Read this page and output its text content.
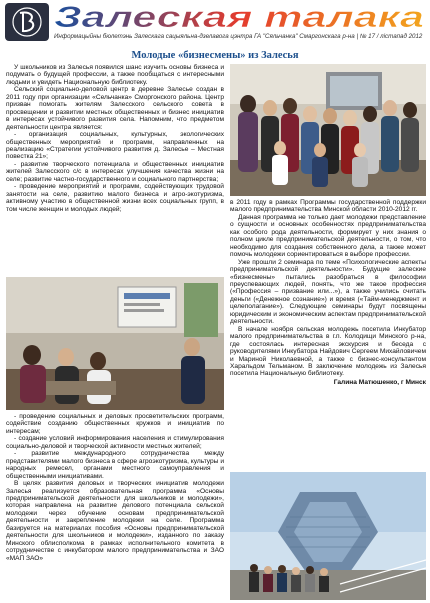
Залеская талака
Информацыйны бюлетэнь Залескага сацыяльна-дзелавога цэнтра ГА "Сяльчанка" Смаргонскага р-на | № 17 / лістапад 2012
Молодые «бизнесмены» из Залесья

У школьников из Залесья появился шанс изучить основы бизнеса и подумать о будущей профессии, а также пообщаться с интересными людьми и увидеть Национальную библиотеку.

Сельский социально-деловой центр в деревне Залесье создан в 2011 году при организации «Сельчанка» Сморгонского района. Центр призван помогать жителям Залесского сельского совета в просвещении и развитии местных общественных и бизнес инициатив в интересах устойчивого развития села. Напомним, что предметом деятельности центра является:

- организация социальных, культурных, экологических общественных мероприятий и программ, направленных на реализацию «Стратегии устойчивого развития д. Залесье – Местная повестка 21»;

- развитие творческого потенциала и общественных инициатив жителей Залесского с/с в интересах улучшения качества жизни на селе; развитие частно-государственного и социального партнерства;

- проведение мероприятий и программ, содействующих трудовой занятости на селе, развитию малого бизнеса и агро-экотуризма, активному участию в общественной жизни всех социальных групп, в том числе женщин и молодых людей;

в 2011 году в рамках Программы государственной поддержки малого предпринимательства Минской области 2010-2012 гг.

Данная программа не только дает молодежи представление о сущности и основных особенностях предпринимательства как особого рода деятельности, формирует у них знания о полном цикле предпринимательской деятельности, о том, что необходимо для создания собственного дела, а также может помочь молодежи сориентироваться в выборе профессии.

Уже прошли 2 семинара по теме «Психологические аспекты предпринимательской деятельности». Будущие залеские «бизнесмены» пытались разобраться в философии преуспевающих людей, понять, что же такое профессия («Профессия – призвание или...»), а также учились считать деньги («Денежное сознание») и время («Тайм-менеджмент и целеполагание»). Следующие семинары будут посвящены юридическим и экономическим аспектам предпринимательской деятельности.

В начале ноября сельская молодежь посетила Инкубатор малого предпринимательства в г.п. Колодищи Минского р-на, где состоялась интересная экскурсия и беседа с руководителями Инкубатора Найдович Сергеем Михайловичем и Мариной Николаевной, а также с бизнес-консультантом Харальдом Тельманом. В заключение молодежь из Залесья посетила Национальную библиотеку.

Галина Матюшенко, г Минск

- проведение социальных и деловых просветительских программ, содействие созданию общественных кружков и инициатив по интересам;

- создание условий информирования населения и стимулирования социально-деловой и творческой активности местных жителей;

- развитие международного сотрудничества между представителями малого бизнеса в сфере агроэкотуризма, культуры и народных ремесел, органами местного самоуправления и общественными инициативами.

В целях развития деловых и творческих инициатив молодежи Залесья реализуется образовательная программа «Основы предпринимательской деятельности для школьников и молодежи», которая направлена на развитие делового потенциала сельской молодежи через обучение основам предпринимательской деятельности и закрепление молодежи на селе. Программа базируется на материалах пособия «Основы предпринимательской деятельности для школьников и молодежи», изданного по заказу Минского облисполкома в рамках исполнительного комитета в сотрудничестве с инкубатором малого предпринимательства и ЗАО «МАП ЗАО»
